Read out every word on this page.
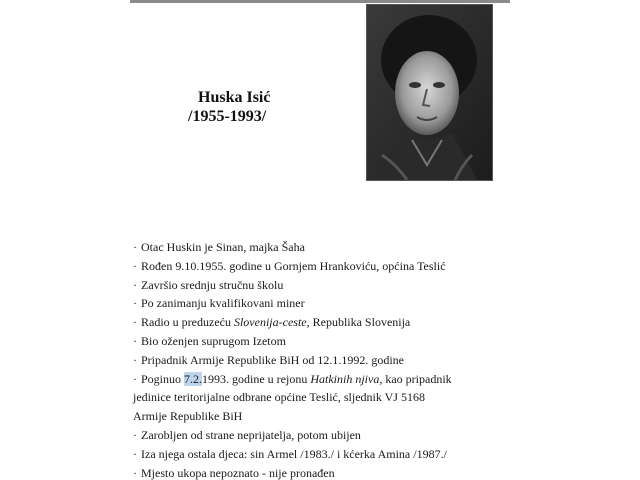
Huska Isić
/1955-1993/
· Otac Huskin je Sinan, majka Šaha
· Rođen 9.10.1955. godine u Gornjem Hrankoviću, općina Teslić
· Završio srednju stručnu školu
· Po zanimanju kvalifikovani miner
· Radio u preduzeću Slovenija-ceste, Republika Slovenija
· Bio oženjen suprugom Izetom
· Pripadnik Armije Republike BiH od 12.1.1992. godine
· Poginuo 7.2.1993. godine u rejonu Hatkinih njiva, kao pripadnik
jedinice teritorijalne odbrane općine Teslić, sljednik VJ 5168
Armije Republike BiH
· Zarobljen od strane neprijatelja, potom ubijen
· Iza njega ostala djeca: sin Armel /1983./ i kćerka Amina /1987./
· Mjesto ukopa nepoznato - nije pronađen
